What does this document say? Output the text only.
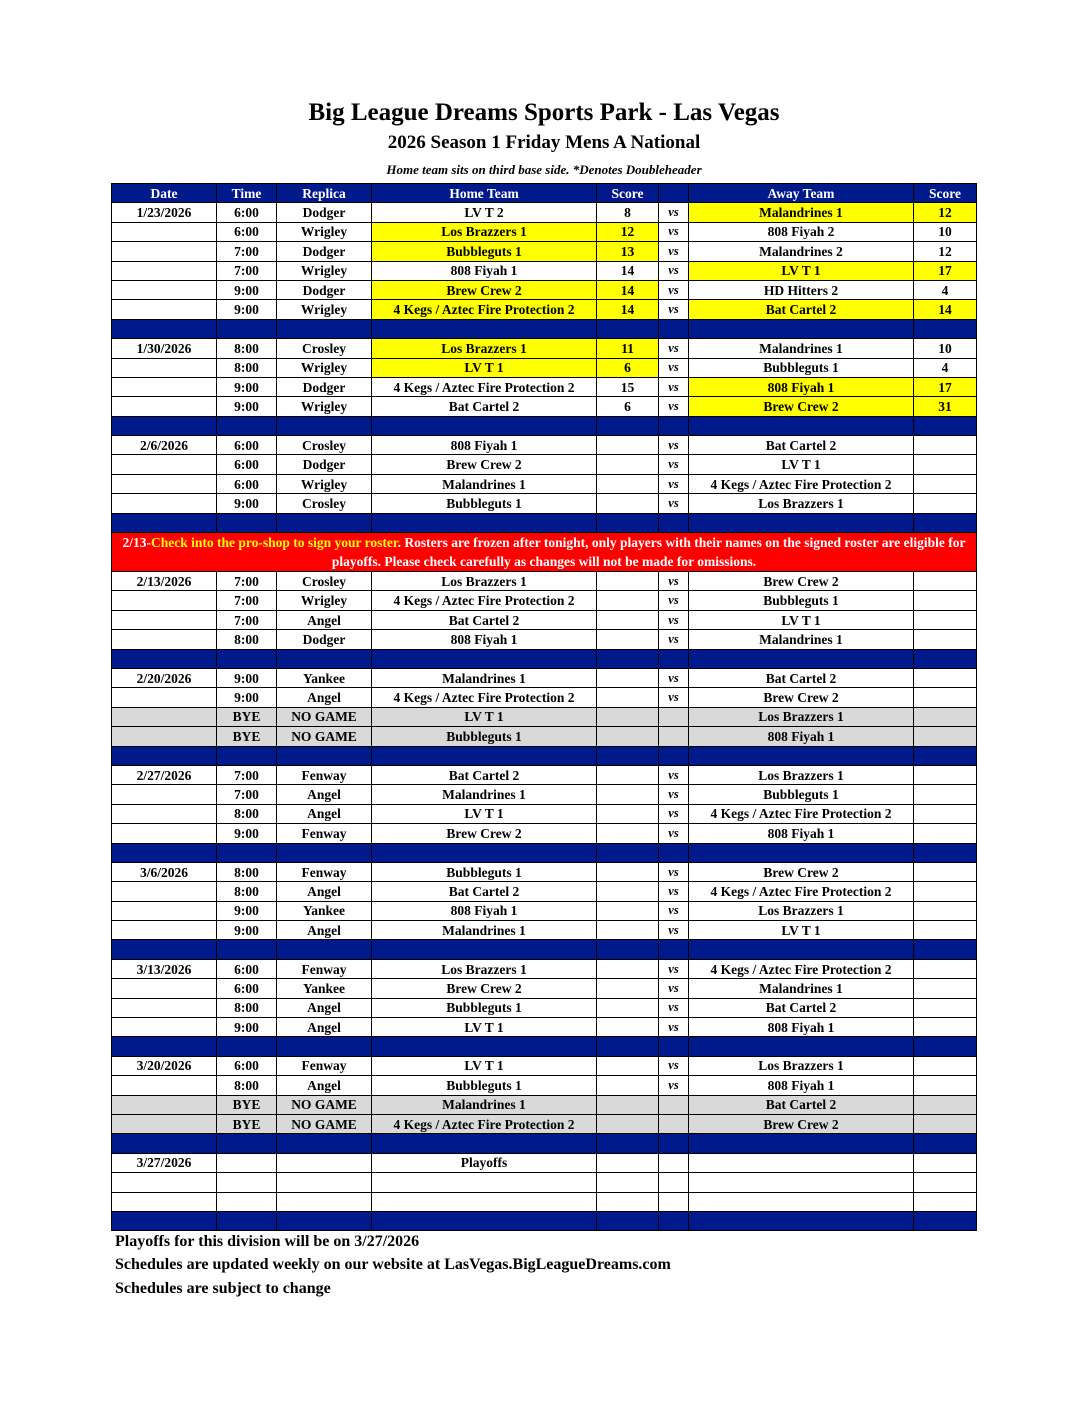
Big League Dreams Sports Park - Las Vegas
2026 Season 1 Friday Mens A National
Home team sits on third base side. *Denotes Doubleheader
Date	Time	Replica	Home Team	Score		Away Team	Score
1/23/2026	6:00	Dodger	LV T 2	8	vs	Malandrines 1	12
	6:00	Wrigley	Los Brazzers 1	12	vs	808 Fiyah 2	10
	7:00	Dodger	Bubbleguts 1	13	vs	Malandrines 2	12
	7:00	Wrigley	808 Fiyah 1	14	vs	LV T 1	17
	9:00	Dodger	Brew Crew 2	14	vs	HD Hitters 2	4
	9:00	Wrigley	4 Kegs / Aztec Fire Protection 2	14	vs	Bat Cartel 2	14

1/30/2026	8:00	Crosley	Los Brazzers 1	11	vs	Malandrines 1	10
	8:00	Wrigley	LV T 1	6	vs	Bubbleguts 1	4
	9:00	Dodger	4 Kegs / Aztec Fire Protection 2	15	vs	808 Fiyah 1	17
	9:00	Wrigley	Bat Cartel 2	6	vs	Brew Crew 2	31

2/6/2026	6:00	Crosley	808 Fiyah 1		vs	Bat Cartel 2	
	6:00	Dodger	Brew Crew 2		vs	LV T 1	
	6:00	Wrigley	Malandrines 1		vs	4 Kegs / Aztec Fire Protection 2	
	9:00	Crosley	Bubbleguts 1		vs	Los Brazzers 1	

2/13-Check into the pro-shop to sign your roster. Rosters are frozen after tonight, only players with their names on the signed roster are eligible for playoffs. Please check carefully as changes will not be made for omissions.							
2/13/2026	7:00	Crosley	Los Brazzers 1		vs	Brew Crew 2	
	7:00	Wrigley	4 Kegs / Aztec Fire Protection 2		vs	Bubbleguts 1	
	7:00	Angel	Bat Cartel 2		vs	LV T 1	
	8:00	Dodger	808 Fiyah 1		vs	Malandrines 1	

2/20/2026	9:00	Yankee	Malandrines 1		vs	Bat Cartel 2	
	9:00	Angel	4 Kegs / Aztec Fire Protection 2		vs	Brew Crew 2	
	BYE	NO GAME	LV T 1			Los Brazzers 1	
	BYE	NO GAME	Bubbleguts 1			808 Fiyah 1	

2/27/2026	7:00	Fenway	Bat Cartel 2		vs	Los Brazzers 1	
	7:00	Angel	Malandrines 1		vs	Bubbleguts 1	
	8:00	Angel	LV T 1		vs	4 Kegs / Aztec Fire Protection 2	
	9:00	Fenway	Brew Crew 2		vs	808 Fiyah 1	

3/6/2026	8:00	Fenway	Bubbleguts 1		vs	Brew Crew 2	
	8:00	Angel	Bat Cartel 2		vs	4 Kegs / Aztec Fire Protection 2	
	9:00	Yankee	808 Fiyah 1		vs	Los Brazzers 1	
	9:00	Angel	Malandrines 1		vs	LV T 1	

3/13/2026	6:00	Fenway	Los Brazzers 1		vs	4 Kegs / Aztec Fire Protection 2	
	6:00	Yankee	Brew Crew 2		vs	Malandrines 1	
	8:00	Angel	Bubbleguts 1		vs	Bat Cartel 2	
	9:00	Angel	LV T 1		vs	808 Fiyah 1	

3/20/2026	6:00	Fenway	LV T 1		vs	Los Brazzers 1	
	8:00	Angel	Bubbleguts 1		vs	808 Fiyah 1	
	BYE	NO GAME	Malandrines 1			Bat Cartel 2	
	BYE	NO GAME	4 Kegs / Aztec Fire Protection 2			Brew Crew 2	

3/27/2026			Playoffs				

Playoffs for this division will be on 3/27/2026
Schedules are updated weekly on our website at LasVegas.BigLeagueDreams.com
Schedules are subject to change
